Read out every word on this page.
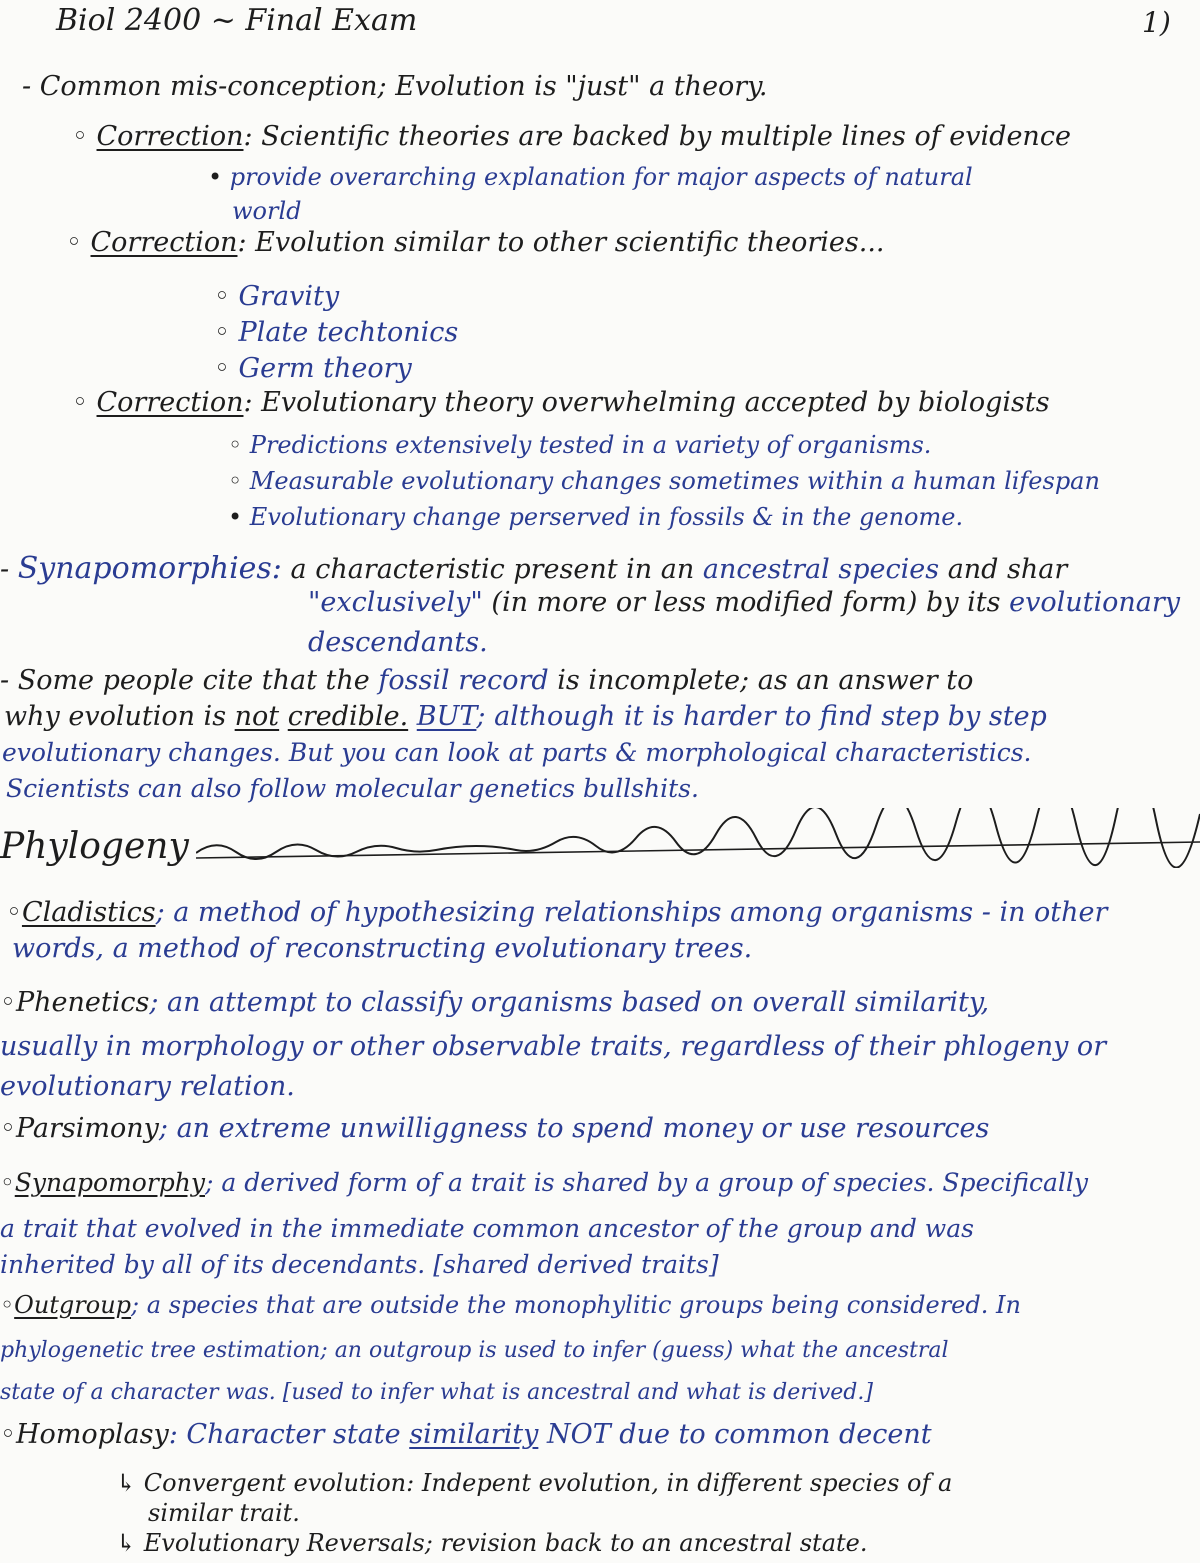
Biol 2400 ~ Final Exam	1)
- Common mis-conception; Evolution is "just" a theory.
◦ Correction: Scientific theories are backed by multiple lines of evidence
• provide overarching explanation for major aspects of natural
world
◦ Correction: Evolution similar to other scientific theories...
◦ Gravity
◦ Plate techtonics
◦ Germ theory
◦ Correction: Evolutionary theory overwhelming accepted by biologists
◦ Predictions extensively tested in a variety of organisms.
◦ Measurable evolutionary changes sometimes within a human lifespan
• Evolutionary change perserved in fossils & in the genome.
- Synapomorphies: a characteristic present in an ancestral species and shar
"exclusively" (in more or less modified form) by its evolutionary
descendants.
- Some people cite that the fossil record is incomplete; as an answer to
why evolution is not credible. BUT; although it is harder to find step by step
evolutionary changes. But you can look at parts & morphological characteristics.
Scientists can also follow molecular genetics bullshits.
Phylogeny
◦Cladistics; a method of hypothesizing relationships among organisms - in other
words, a method of reconstructing evolutionary trees.
◦Phenetics; an attempt to classify organisms based on overall similarity,
usually in morphology or other observable traits, regardless of their phlogeny or
evolutionary relation.
◦Parsimony; an extreme unwilliggness to spend money or use resources
◦Synapomorphy; a derived form of a trait is shared by a group of species. Specifically
a trait that evolved in the immediate common ancestor of the group and was
inherited by all of its decendants. [shared derived traits]
◦Outgroup; a species that are outside the monophylitic groups being considered. In
phylogenetic tree estimation; an outgroup is used to infer (guess) what the ancestral
state of a character was. [used to infer what is ancestral and what is derived.]
◦Homoplasy: Character state similarity NOT due to common decent
↳ Convergent evolution: Indepent evolution, in different species of a
similar trait.
↳ Evolutionary Reversals; revision back to an ancestral state.
